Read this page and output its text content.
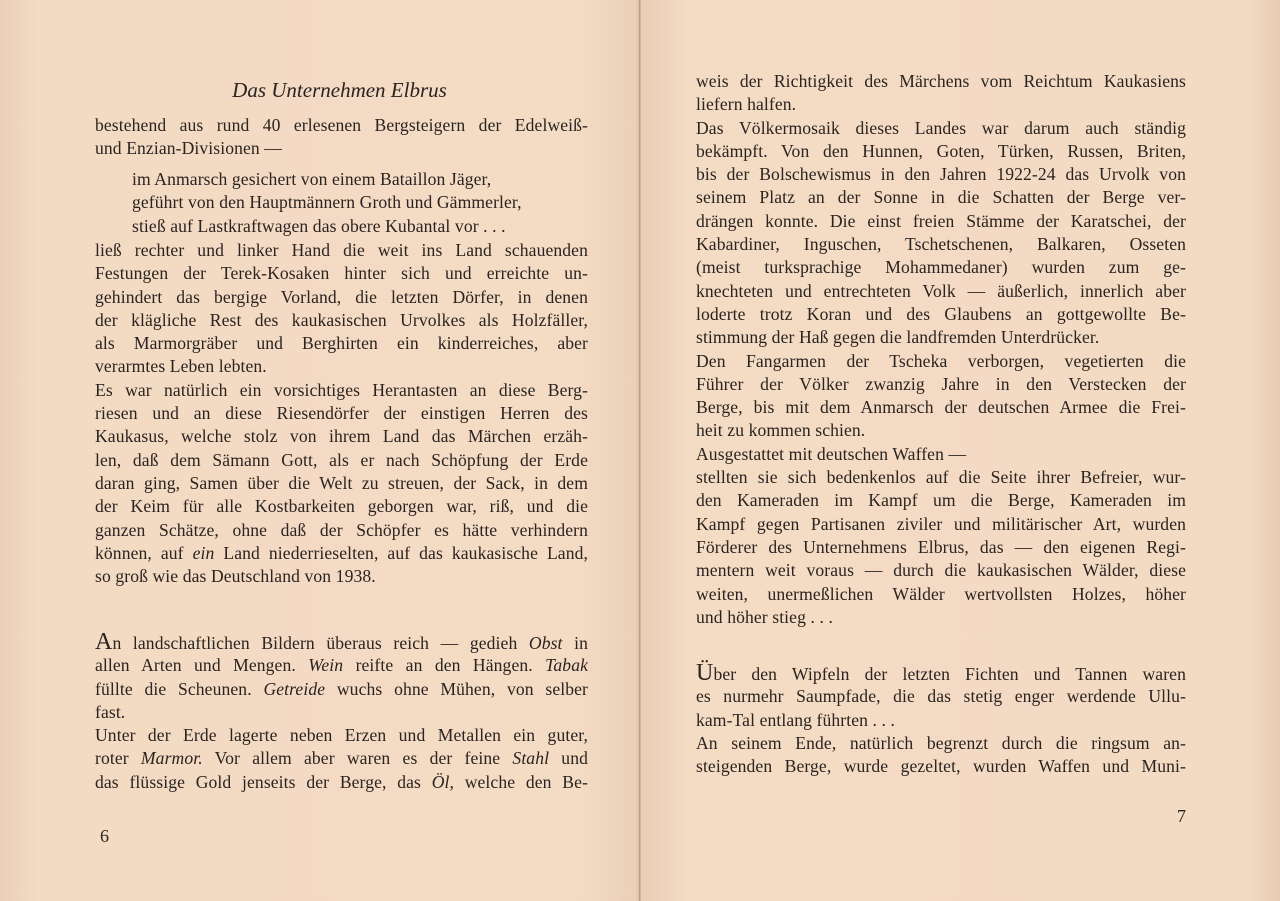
Das Unternehmen Elbrus
bestehend aus rund 40 erlesenen Bergsteigern der Edelweiß-
und Enzian-Divisionen —
im Anmarsch gesichert von einem Bataillon Jäger,
geführt von den Hauptmännern Groth und Gämmerler,
stieß auf Lastkraftwagen das obere Kubantal vor . . .
ließ rechter und linker Hand die weit ins Land schauenden
Festungen der Terek-Kosaken hinter sich und erreichte un-
gehindert das bergige Vorland, die letzten Dörfer, in denen
der klägliche Rest des kaukasischen Urvolkes als Holzfäller,
als Marmorgräber und Berghirten ein kinderreiches, aber
verarmtes Leben lebten.
Es war natürlich ein vorsichtiges Herantasten an diese Berg-
riesen und an diese Riesendörfer der einstigen Herren des
Kaukasus, welche stolz von ihrem Land das Märchen erzäh-
len, daß dem Sämann Gott, als er nach Schöpfung der Erde
daran ging, Samen über die Welt zu streuen, der Sack, in dem
der Keim für alle Kostbarkeiten geborgen war, riß, und die
ganzen Schätze, ohne daß der Schöpfer es hätte verhindern
können, auf ein Land niederrieselten, auf das kaukasische Land,
so groß wie das Deutschland von 1938.
An landschaftlichen Bildern überaus reich — gedieh Obst in
allen Arten und Mengen. Wein reifte an den Hängen. Tabak
füllte die Scheunen. Getreide wuchs ohne Mühen, von selber
fast.
Unter der Erde lagerte neben Erzen und Metallen ein guter,
roter Marmor. Vor allem aber waren es der feine Stahl und
das flüssige Gold jenseits der Berge, das Öl, welche den Be-
6
7
weis der Richtigkeit des Märchens vom Reichtum Kaukasiens
liefern halfen.
Das Völkermosaik dieses Landes war darum auch ständig
bekämpft. Von den Hunnen, Goten, Türken, Russen, Briten,
bis der Bolschewismus in den Jahren 1922-24 das Urvolk von
seinem Platz an der Sonne in die Schatten der Berge ver-
drängen konnte. Die einst freien Stämme der Karatschei, der
Kabardiner, Inguschen, Tschetschenen, Balkaren, Osseten
(meist turksprachige Mohammedaner) wurden zum ge-
knechteten und entrechteten Volk — äußerlich, innerlich aber
loderte trotz Koran und des Glaubens an gottgewollte Be-
stimmung der Haß gegen die landfremden Unterdrücker.
Den Fangarmen der Tscheka verborgen, vegetierten die
Führer der Völker zwanzig Jahre in den Verstecken der
Berge, bis mit dem Anmarsch der deutschen Armee die Frei-
heit zu kommen schien.
Ausgestattet mit deutschen Waffen —
stellten sie sich bedenkenlos auf die Seite ihrer Befreier, wur-
den Kameraden im Kampf um die Berge, Kameraden im
Kampf gegen Partisanen ziviler und militärischer Art, wurden
Förderer des Unternehmens Elbrus, das — den eigenen Regi-
mentern weit voraus — durch die kaukasischen Wälder, diese
weiten, unermeßlichen Wälder wertvollsten Holzes, höher
und höher stieg . . .
Über den Wipfeln der letzten Fichten und Tannen waren
es nurmehr Saumpfade, die das stetig enger werdende Ullu-
kam-Tal entlang führten . . .
An seinem Ende, natürlich begrenzt durch die ringsum an-
steigenden Berge, wurde gezeltet, wurden Waffen und Muni-
